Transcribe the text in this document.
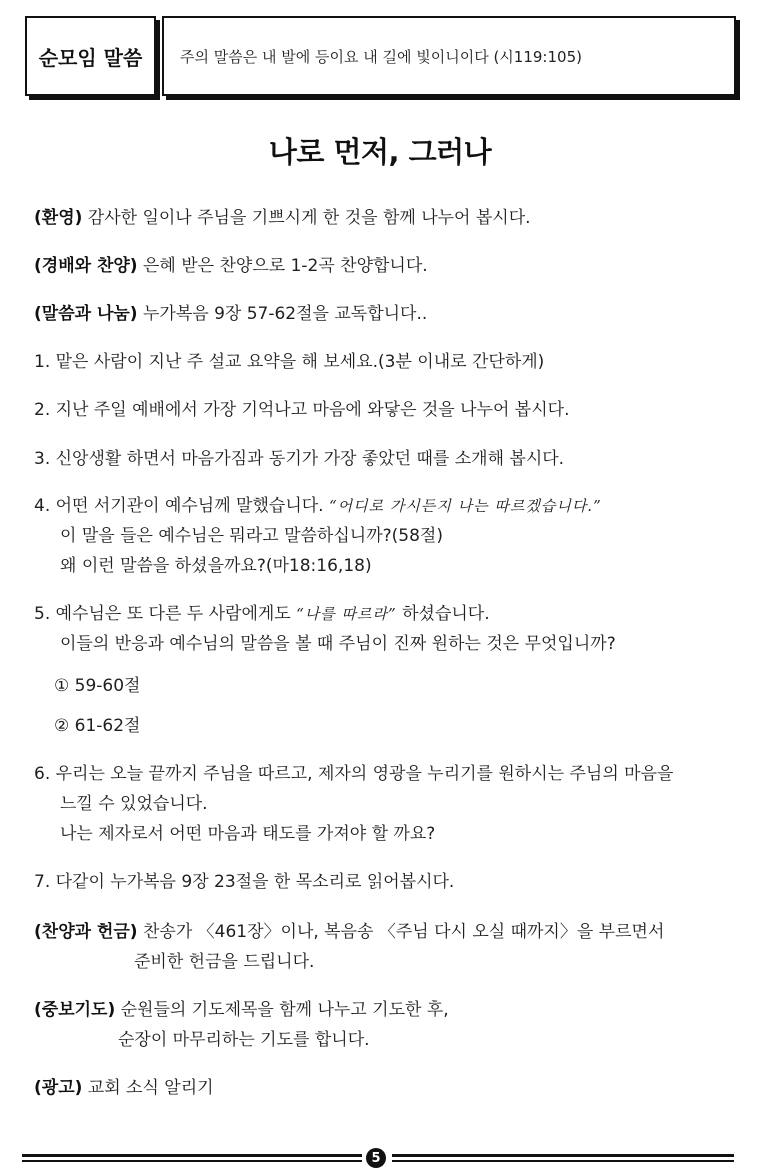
순모임 말씀	주의 말씀은 내 발에 등이요 내 길에 빛이니이다 (시119:105)
나로 먼저, 그러나
(환영) 감사한 일이나 주님을 기쁘시게 한 것을 함께 나누어 봅시다.
(경배와 찬양) 은혜 받은 찬양으로 1-2곡 찬양합니다.
(말씀과 나눔) 누가복음 9장 57-62절을 교독합니다..
1. 맡은 사람이 지난 주 설교 요약을 해 보세요.(3분 이내로 간단하게)
2. 지난 주일 예배에서 가장 기억나고 마음에 와닿은 것을 나누어 봅시다.
3. 신앙생활 하면서 마음가짐과 동기가 가장 좋았던 때를 소개해 봅시다.
4. 어떤 서기관이 예수님께 말했습니다. “어디로 가시든지 나는 따르겠습니다.”
이 말을 들은 예수님은 뭐라고 말씀하십니까?(58절)
왜 이런 말씀을 하셨을까요?(마18:16,18)
5. 예수님은 또 다른 두 사람에게도 “나를 따르라” 하셨습니다.
이들의 반응과 예수님의 말씀을 볼 때 주님이 진짜 원하는 것은 무엇입니까?
① 59-60절
② 61-62절
6. 우리는 오늘 끝까지 주님을 따르고, 제자의 영광을 누리기를 원하시는 주님의 마음을
느낄 수 있었습니다.
나는 제자로서 어떤 마음과 태도를 가져야 할 까요?
7. 다같이 누가복음 9장 23절을 한 목소리로 읽어봅시다.
(찬양과 헌금) 찬송가 〈461장〉이나, 복음송 〈주님 다시 오실 때까지〉을 부르면서
준비한 헌금을 드립니다.
(중보기도) 순원들의 기도제목을 함께 나누고 기도한 후,
순장이 마무리하는 기도를 합니다.
(광고) 교회 소식 알리기
5
